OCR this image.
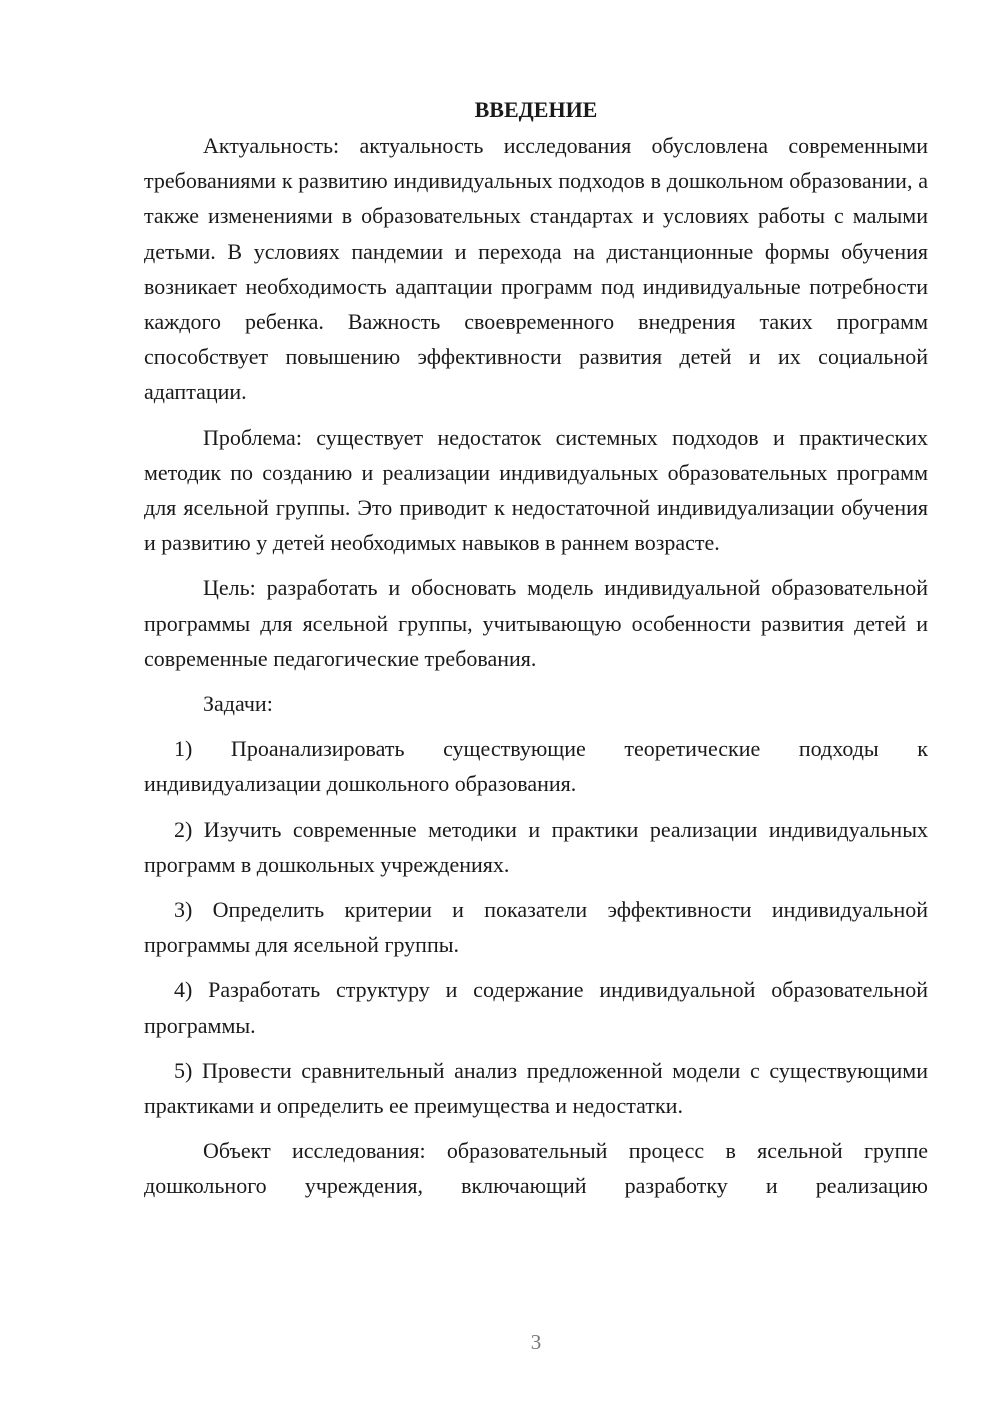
ВВЕДЕНИЕ

Актуальность: актуальность исследования обусловлена современными требованиями к развитию индивидуальных подходов в дошкольном образовании, а также изменениями в образовательных стандартах и условиях работы с малыми детьми. В условиях пандемии и перехода на дистанционные формы обучения возникает необходимость адаптации программ под индивидуальные потребности каждого ребенка. Важность своевременного внедрения таких программ способствует повышению эффективности развития детей и их социальной адаптации.

Проблема: существует недостаток системных подходов и практических методик по созданию и реализации индивидуальных образовательных программ для ясельной группы. Это приводит к недостаточной индивидуализации обучения и развитию у детей необходимых навыков в раннем возрасте.

Цель: разработать и обосновать модель индивидуальной образовательной программы для ясельной группы, учитывающую особенности развития детей и современные педагогические требования.

Задачи:

1) Проанализировать существующие теоретические подходы к индивидуализации дошкольного образования.

2) Изучить современные методики и практики реализации индивидуальных программ в дошкольных учреждениях.

3) Определить критерии и показатели эффективности индивидуальной программы для ясельной группы.

4) Разработать структуру и содержание индивидуальной образовательной программы.

5) Провести сравнительный анализ предложенной модели с существующими практиками и определить ее преимущества и недостатки.

Объект исследования: образовательный процесс в ясельной группе дошкольного учреждения, включающий разработку и реализацию

3
